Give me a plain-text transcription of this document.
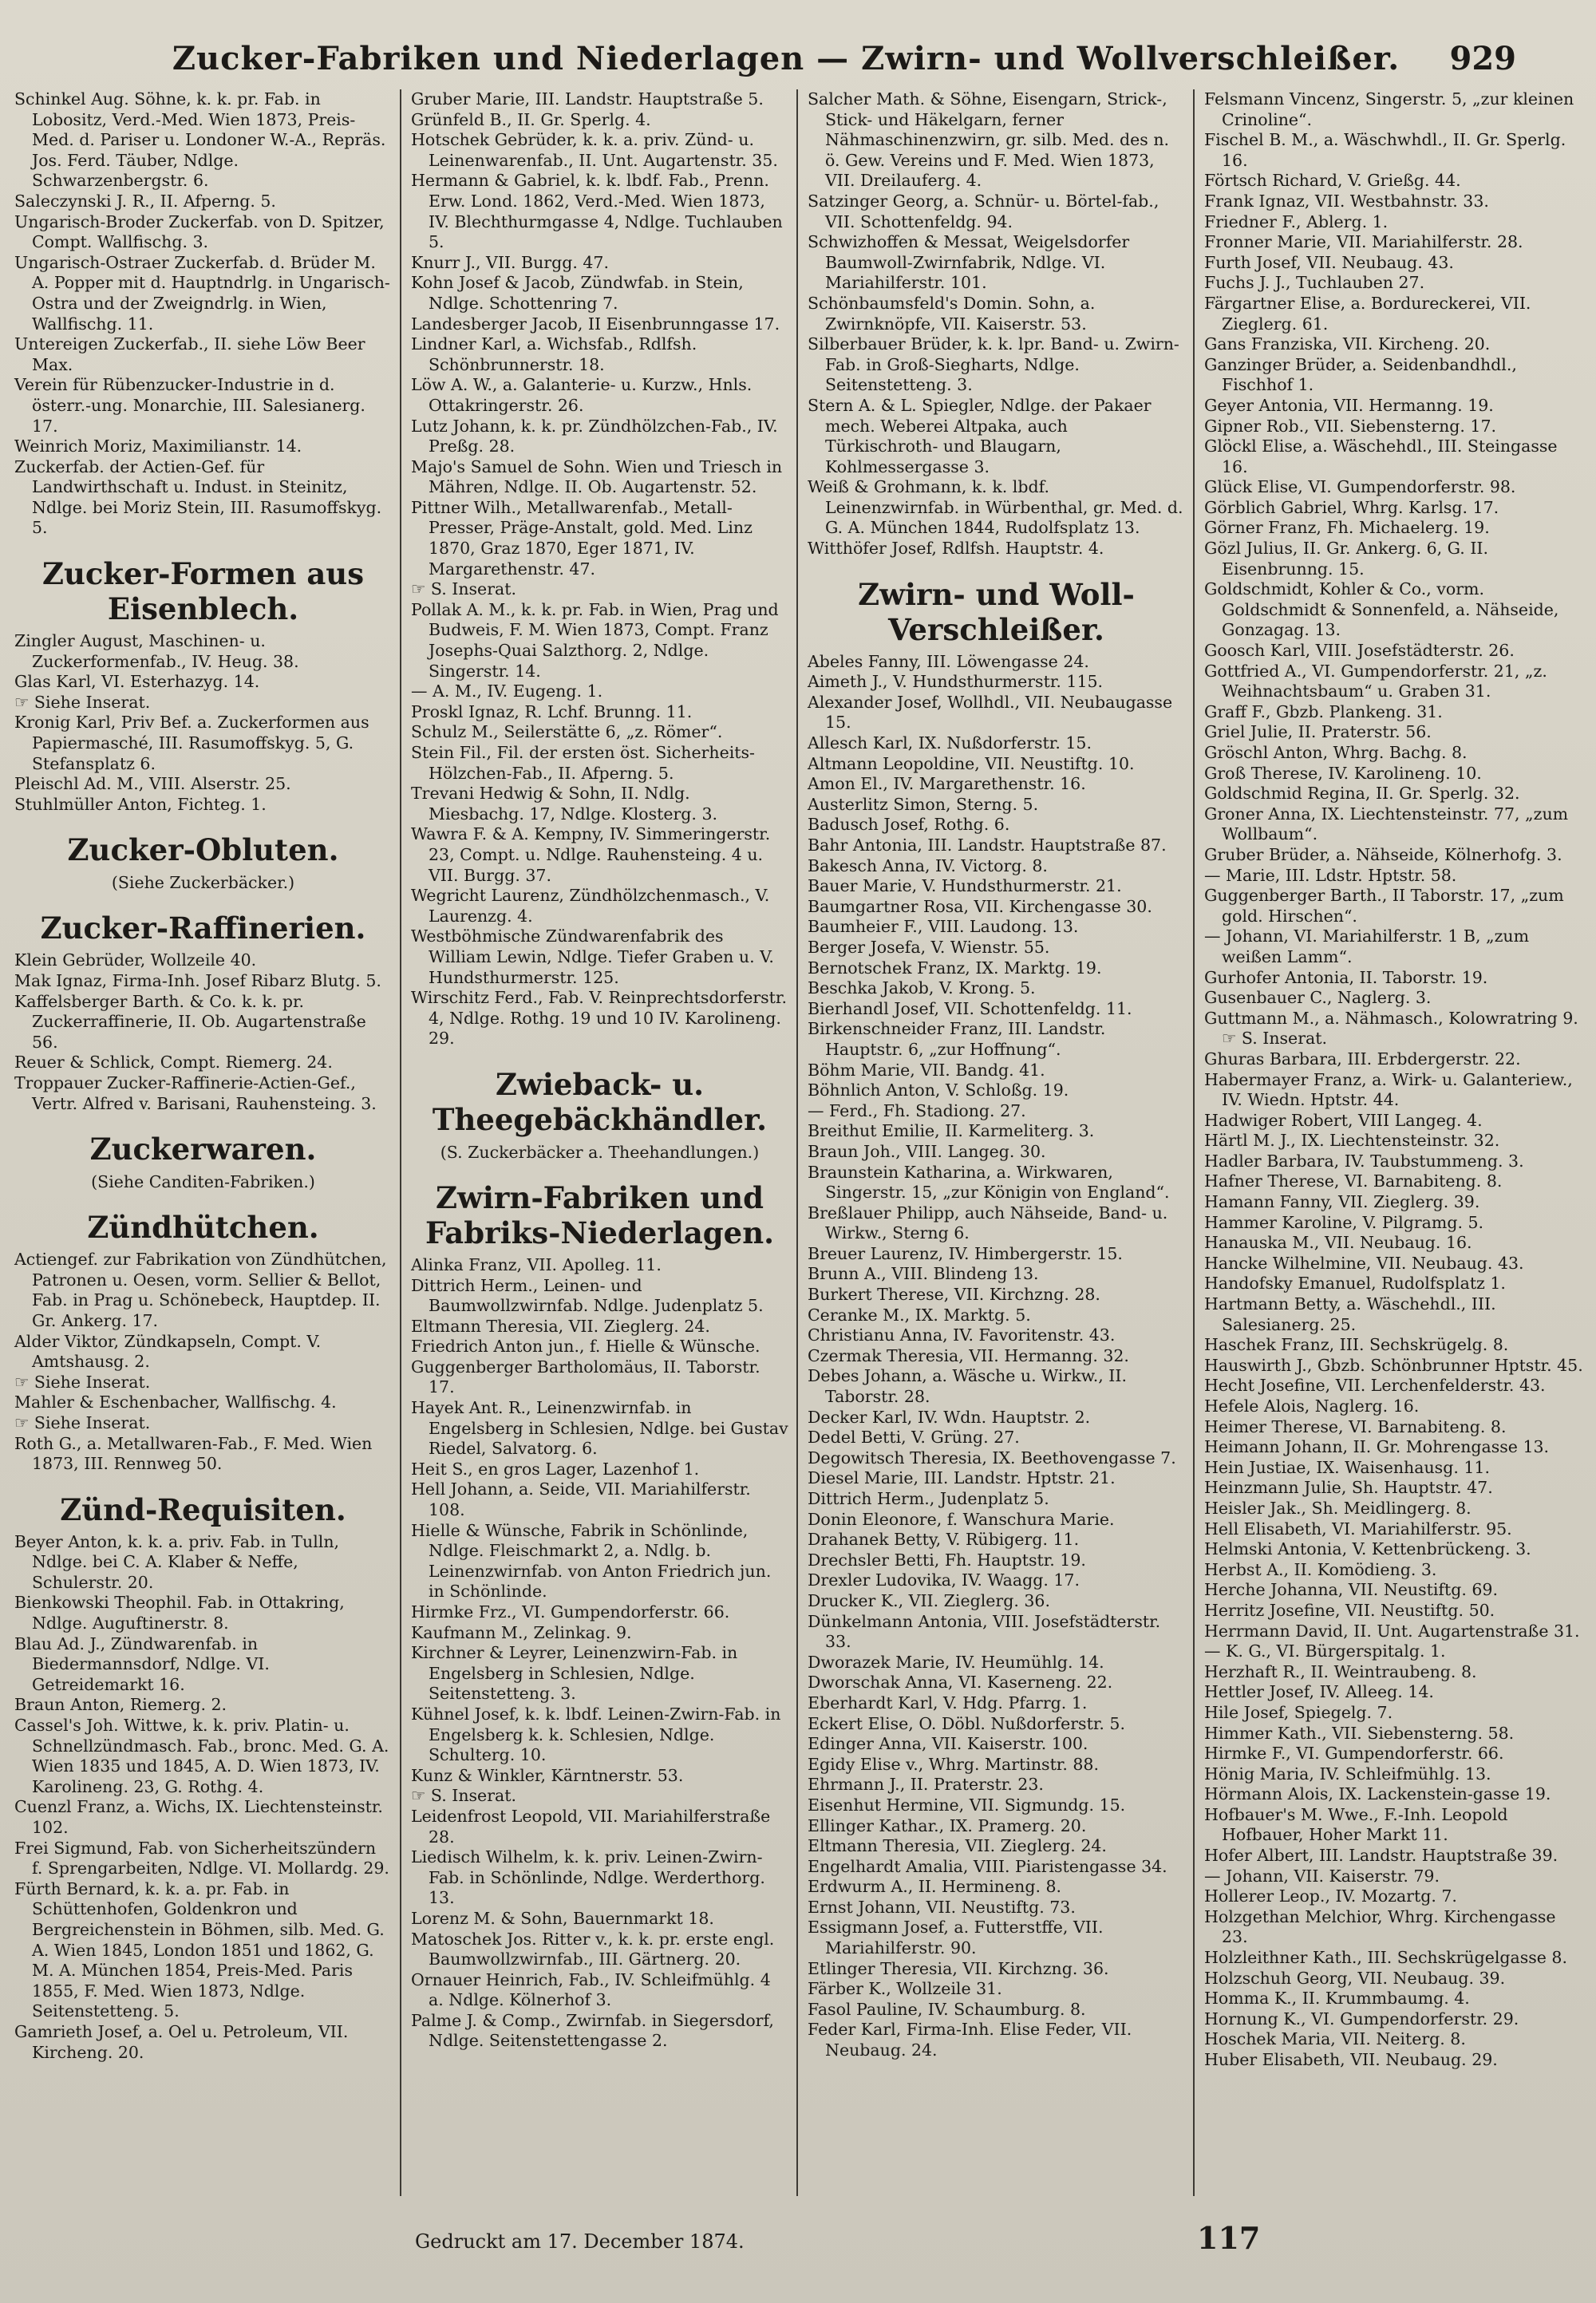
Zucker-Fabriken und Niederlagen — Zwirn- und Wollverschleißer.	929

Schinkel Aug. Söhne, k. k. pr. Fab. in Lobositz, Verd.-Med. Wien 1873, Preis-Med. d. Pariser u. Londoner W.-A., Repräs. Jos. Ferd. Täuber, Ndlge. Schwarzenbergstr. 6.

Saleczynski J. R., II. Afperng. 5.

Ungarisch-Broder Zuckerfab. von D. Spitzer, Compt. Wallfischg. 3.

Ungarisch-Ostraer Zuckerfab. d. Brüder M. A. Popper mit d. Hauptndrlg. in Ungarisch-Ostra und der Zweigndrlg. in Wien, Wallfischg. 11.

Untereigen Zuckerfab., II. siehe Löw Beer Max.

Verein für Rübenzucker-Industrie in d. österr.-ung. Monarchie, III. Salesianerg. 17.

Weinrich Moriz, Maximilianstr. 14.

Zuckerfab. der Actien-Gef. für Landwirthschaft u. Indust. in Steinitz, Ndlge. bei Moriz Stein, III. Rasumoffskyg. 5.

Zucker-Formen aus Eisenblech.

Zingler August, Maschinen- u. Zuckerformenfab., IV. Heug. 38.

Glas Karl, VI. Esterhazyg. 14.

☞ Siehe Inserat.

Kronig Karl, Priv Bef. a. Zuckerformen aus Papiermasché, III. Rasumoffskyg. 5, G. Stefansplatz 6.

Pleischl Ad. M., VIII. Alserstr. 25.

Stuhlmüller Anton, Fichteg. 1.

Zucker-Obluten.

(Siehe Zuckerbäcker.)

Zucker-Raffinerien.

Klein Gebrüder, Wollzeile 40.

Mak Ignaz, Firma-Inh. Josef Ribarz Blutg. 5.

Kaffelsberger Barth. & Co. k. k. pr. Zuckerraffinerie, II. Ob. Augartenstraße 56.

Reuer & Schlick, Compt. Riemerg. 24.

Troppauer Zucker-Raffinerie-Actien-Gef., Vertr. Alfred v. Barisani, Rauhensteing. 3.

Zuckerwaren.

(Siehe Canditen-Fabriken.)

Zündhütchen.

Actiengef. zur Fabrikation von Zündhütchen, Patronen u. Oesen, vorm. Sellier & Bellot, Fab. in Prag u. Schönebeck, Hauptdep. II. Gr. Ankerg. 17.

Alder Viktor, Zündkapseln, Compt. V. Amtshausg. 2.

☞ Siehe Inserat.

Mahler & Eschenbacher, Wallfischg. 4.

☞ Siehe Inserat.

Roth G., a. Metallwaren-Fab., F. Med. Wien 1873, III. Rennweg 50.

Zünd-Requisiten.

Beyer Anton, k. k. a. priv. Fab. in Tulln, Ndlge. bei C. A. Klaber & Neffe, Schulerstr. 20.

Bienkowski Theophil. Fab. in Ottakring, Ndlge. Auguftinerstr. 8.

Blau Ad. J., Zündwarenfab. in Biedermannsdorf, Ndlge. VI. Getreidemarkt 16.

Braun Anton, Riemerg. 2.

Cassel's Joh. Wittwe, k. k. priv. Platin- u. Schnellzündmasch. Fab., bronc. Med. G. A. Wien 1835 und 1845, A. D. Wien 1873, IV. Karolineng. 23, G. Rothg. 4.

Cuenzl Franz, a. Wichs, IX. Liechtensteinstr. 102.

Frei Sigmund, Fab. von Sicherheitszündern f. Sprengarbeiten, Ndlge. VI. Mollardg. 29.

Fürth Bernard, k. k. a. pr. Fab. in Schüttenhofen, Goldenkron und Bergreichenstein in Böhmen, silb. Med. G. A. Wien 1845, London 1851 und 1862, G. M. A. München 1854, Preis-Med. Paris 1855, F. Med. Wien 1873, Ndlge. Seitenstetteng. 5.

Gamrieth Josef, a. Oel u. Petroleum, VII. Kircheng. 20.

Gruber Marie, III. Landstr. Hauptstraße 5.

Grünfeld B., II. Gr. Sperlg. 4.

Hotschek Gebrüder, k. k. a. priv. Zünd- u. Leinenwarenfab., II. Unt. Augartenstr. 35.

Hermann & Gabriel, k. k. lbdf. Fab., Prenn. Erw. Lond. 1862, Verd.-Med. Wien 1873, IV. Blechthurmgasse 4, Ndlge. Tuchlauben 5.

Knurr J., VII. Burgg. 47.

Kohn Josef & Jacob, Zündwfab. in Stein, Ndlge. Schottenring 7.

Landesberger Jacob, II Eisenbrunngasse 17.

Lindner Karl, a. Wichsfab., Rdlfsh. Schönbrunnerstr. 18.

Löw A. W., a. Galanterie- u. Kurzw., Hnls. Ottakringerstr. 26.

Lutz Johann, k. k. pr. Zündhölzchen-Fab., IV. Preßg. 28.

Majo's Samuel de Sohn. Wien und Triesch in Mähren, Ndlge. II. Ob. Augartenstr. 52.

Pittner Wilh., Metallwarenfab., Metall-Presser, Präge-Anstalt, gold. Med. Linz 1870, Graz 1870, Eger 1871, IV. Margarethenstr. 47.

☞ S. Inserat.

Pollak A. M., k. k. pr. Fab. in Wien, Prag und Budweis, F. M. Wien 1873, Compt. Franz Josephs-Quai Salzthorg. 2, Ndlge. Singerstr. 14.

— A. M., IV. Eugeng. 1.

Proskl Ignaz, R. Lchf. Brunng. 11.

Schulz M., Seilerstätte 6, „z. Römer“.

Stein Fil., Fil. der ersten öst. Sicherheits-Hölzchen-Fab., II. Afperng. 5.

Trevani Hedwig & Sohn, II. Ndlg. Miesbachg. 17, Ndlge. Klosterg. 3.

Wawra F. & A. Kempny, IV. Simmeringerstr. 23, Compt. u. Ndlge. Rauhensteing. 4 u. VII. Burgg. 37.

Wegricht Laurenz, Zündhölzchenmasch., V. Laurenzg. 4.

Westböhmische Zündwarenfabrik des William Lewin, Ndlge. Tiefer Graben u. V. Hundsthurmerstr. 125.

Wirschitz Ferd., Fab. V. Reinprechtsdorferstr. 4, Ndlge. Rothg. 19 und 10 IV. Karolineng. 29.

Zwieback- u. Theegebäckhändler.

(S. Zuckerbäcker a. Theehandlungen.)

Zwirn-Fabriken und Fabriks-Niederlagen.

Alinka Franz, VII. Apolleg. 11.

Dittrich Herm., Leinen- und Baumwollzwirnfab. Ndlge. Judenplatz 5.

Eltmann Theresia, VII. Zieglerg. 24.

Friedrich Anton jun., f. Hielle & Wünsche.

Guggenberger Bartholomäus, II. Taborstr. 17.

Hayek Ant. R., Leinenzwirnfab. in Engelsberg in Schlesien, Ndlge. bei Gustav Riedel, Salvatorg. 6.

Heit S., en gros Lager, Lazenhof 1.

Hell Johann, a. Seide, VII. Mariahilferstr. 108.

Hielle & Wünsche, Fabrik in Schönlinde, Ndlge. Fleischmarkt 2, a. Ndlg. b. Leinenzwirnfab. von Anton Friedrich jun. in Schönlinde.

Hirmke Frz., VI. Gumpendorferstr. 66.

Kaufmann M., Zelinkag. 9.

Kirchner & Leyrer, Leinenzwirn-Fab. in Engelsberg in Schlesien, Ndlge. Seitenstetteng. 3.

Kühnel Josef, k. k. lbdf. Leinen-Zwirn-Fab. in Engelsberg k. k. Schlesien, Ndlge. Schulterg. 10.

Kunz & Winkler, Kärntnerstr. 53.

☞ S. Inserat.

Leidenfrost Leopold, VII. Mariahilferstraße 28.

Liedisch Wilhelm, k. k. priv. Leinen-Zwirn-Fab. in Schönlinde, Ndlge. Werderthorg. 13.

Lorenz M. & Sohn, Bauernmarkt 18.

Matoschek Jos. Ritter v., k. k. pr. erste engl. Baumwollzwirnfab., III. Gärtnerg. 20.

Ornauer Heinrich, Fab., IV. Schleifmühlg. 4 a. Ndlge. Kölnerhof 3.

Palme J. & Comp., Zwirnfab. in Siegersdorf, Ndlge. Seitenstettengasse 2.

Salcher Math. & Söhne, Eisengarn, Strick-, Stick- und Häkelgarn, ferner Nähmaschinenzwirn, gr. silb. Med. des n. ö. Gew. Vereins und F. Med. Wien 1873, VII. Dreilauferg. 4.

Satzinger Georg, a. Schnür- u. Börtel-fab., VII. Schottenfeldg. 94.

Schwizhoffen & Messat, Weigelsdorfer Baumwoll-Zwirnfabrik, Ndlge. VI. Mariahilferstr. 101.

Schönbaumsfeld's Domin. Sohn, a. Zwirnknöpfe, VII. Kaiserstr. 53.

Silberbauer Brüder, k. k. lpr. Band- u. Zwirn-Fab. in Groß-Siegharts, Ndlge. Seitenstetteng. 3.

Stern A. & L. Spiegler, Ndlge. der Pakaer mech. Weberei Altpaka, auch Türkischroth- und Blaugarn, Kohlmessergasse 3.

Weiß & Grohmann, k. k. lbdf. Leinenzwirnfab. in Würbenthal, gr. Med. d. G. A. München 1844, Rudolfsplatz 13.

Witthöfer Josef, Rdlfsh. Hauptstr. 4.

Zwirn- und Woll-Verschleißer.

Abeles Fanny, III. Löwengasse 24.

Aimeth J., V. Hundsthurmerstr. 115.

Alexander Josef, Wollhdl., VII. Neubaugasse 15.

Allesch Karl, IX. Nußdorferstr. 15.

Altmann Leopoldine, VII. Neustiftg. 10.

Amon El., IV. Margarethenstr. 16.

Austerlitz Simon, Sterng. 5.

Badusch Josef, Rothg. 6.

Bahr Antonia, III. Landstr. Hauptstraße 87.

Bakesch Anna, IV. Victorg. 8.

Bauer Marie, V. Hundsthurmerstr. 21.

Baumgartner Rosa, VII. Kirchengasse 30.

Baumheier F., VIII. Laudong. 13.

Berger Josefa, V. Wienstr. 55.

Bernotschek Franz, IX. Marktg. 19.

Beschka Jakob, V. Krong. 5.

Bierhandl Josef, VII. Schottenfeldg. 11.

Birkenschneider Franz, III. Landstr. Hauptstr. 6, „zur Hoffnung“.

Böhm Marie, VII. Bandg. 41.

Böhnlich Anton, V. Schloßg. 19.

— Ferd., Fh. Stadiong. 27.

Breithut Emilie, II. Karmeliterg. 3.

Braun Joh., VIII. Langeg. 30.

Braunstein Katharina, a. Wirkwaren, Singerstr. 15, „zur Königin von England“.

Breßlauer Philipp, auch Nähseide, Band- u. Wirkw., Sterng 6.

Breuer Laurenz, IV. Himbergerstr. 15.

Brunn A., VIII. Blindeng 13.

Burkert Therese, VII. Kirchzng. 28.

Ceranke M., IX. Marktg. 5.

Christianu Anna, IV. Favoritenstr. 43.

Czermak Theresia, VII. Hermanng. 32.

Debes Johann, a. Wäsche u. Wirkw., II. Taborstr. 28.

Decker Karl, IV. Wdn. Hauptstr. 2.

Dedel Betti, V. Grüng. 27.

Degowitsch Theresia, IX. Beethovengasse 7.

Diesel Marie, III. Landstr. Hptstr. 21.

Dittrich Herm., Judenplatz 5.

Donin Eleonore, f. Wanschura Marie.

Drahanek Betty, V. Rübigerg. 11.

Drechsler Betti, Fh. Hauptstr. 19.

Drexler Ludovika, IV. Waagg. 17.

Drucker K., VII. Zieglerg. 36.

Dünkelmann Antonia, VIII. Josefstädterstr. 33.

Dworazek Marie, IV. Heumühlg. 14.

Dworschak Anna, VI. Kaserneng. 22.

Eberhardt Karl, V. Hdg. Pfarrg. 1.

Eckert Elise, O. Döbl. Nußdorferstr. 5.

Edinger Anna, VII. Kaiserstr. 100.

Egidy Elise v., Whrg. Martinstr. 88.

Ehrmann J., II. Praterstr. 23.

Eisenhut Hermine, VII. Sigmundg. 15.

Ellinger Kathar., IX. Pramerg. 20.

Eltmann Theresia, VII. Zieglerg. 24.

Engelhardt Amalia, VIII. Piaristengasse 34.

Erdwurm A., II. Hermineng. 8.

Ernst Johann, VII. Neustiftg. 73.

Essigmann Josef, a. Futterstffe, VII. Mariahilferstr. 90.

Etlinger Theresia, VII. Kirchzng. 36.

Färber K., Wollzeile 31.

Fasol Pauline, IV. Schaumburg. 8.

Feder Karl, Firma-Inh. Elise Feder, VII. Neubaug. 24.

Felsmann Vincenz, Singerstr. 5, „zur kleinen Crinoline“.

Fischel B. M., a. Wäschwhdl., II. Gr. Sperlg. 16.

Förtsch Richard, V. Grießg. 44.

Frank Ignaz, VII. Westbahnstr. 33.

Friedner F., Ablerg. 1.

Fronner Marie, VII. Mariahilferstr. 28.

Furth Josef, VII. Neubaug. 43.

Fuchs J. J., Tuchlauben 27.

Färgartner Elise, a. Bordureckerei, VII. Zieglerg. 61.

Gans Franziska, VII. Kircheng. 20.

Ganzinger Brüder, a. Seidenbandhdl., Fischhof 1.

Geyer Antonia, VII. Hermanng. 19.

Gipner Rob., VII. Siebensterng. 17.

Glöckl Elise, a. Wäschehdl., III. Steingasse 16.

Glück Elise, VI. Gumpendorferstr. 98.

Görblich Gabriel, Whrg. Karlsg. 17.

Görner Franz, Fh. Michaelerg. 19.

Gözl Julius, II. Gr. Ankerg. 6, G. II. Eisenbrunng. 15.

Goldschmidt, Kohler & Co., vorm. Goldschmidt & Sonnenfeld, a. Nähseide, Gonzagag. 13.

Goosch Karl, VIII. Josefstädterstr. 26.

Gottfried A., VI. Gumpendorferstr. 21, „z. Weihnachtsbaum“ u. Graben 31.

Graff F., Gbzb. Plankeng. 31.

Griel Julie, II. Praterstr. 56.

Gröschl Anton, Whrg. Bachg. 8.

Groß Therese, IV. Karolineng. 10.

Goldschmid Regina, II. Gr. Sperlg. 32.

Groner Anna, IX. Liechtensteinstr. 77, „zum Wollbaum“.

Gruber Brüder, a. Nähseide, Kölnerhofg. 3.

— Marie, III. Ldstr. Hptstr. 58.

Guggenberger Barth., II Taborstr. 17, „zum gold. Hirschen“.

— Johann, VI. Mariahilferstr. 1 B, „zum weißen Lamm“.

Gurhofer Antonia, II. Taborstr. 19.

Gusenbauer C., Naglerg. 3.

Guttmann M., a. Nähmasch., Kolowratring 9. ☞ S. Inserat.

Ghuras Barbara, III. Erbdergerstr. 22.

Habermayer Franz, a. Wirk- u. Galanteriew., IV. Wiedn. Hptstr. 44.

Hadwiger Robert, VIII Langeg. 4.

Härtl M. J., IX. Liechtensteinstr. 32.

Hadler Barbara, IV. Taubstummeng. 3.

Hafner Therese, VI. Barnabiteng. 8.

Hamann Fanny, VII. Zieglerg. 39.

Hammer Karoline, V. Pilgramg. 5.

Hanauska M., VII. Neubaug. 16.

Hancke Wilhelmine, VII. Neubaug. 43.

Handofsky Emanuel, Rudolfsplatz 1.

Hartmann Betty, a. Wäschehdl., III. Salesianerg. 25.

Haschek Franz, III. Sechskrügelg. 8.

Hauswirth J., Gbzb. Schönbrunner Hptstr. 45.

Hecht Josefine, VII. Lerchenfelderstr. 43.

Hefele Alois, Naglerg. 16.

Heimer Therese, VI. Barnabiteng. 8.

Heimann Johann, II. Gr. Mohrengasse 13.

Hein Justiae, IX. Waisenhausg. 11.

Heinzmann Julie, Sh. Hauptstr. 47.

Heisler Jak., Sh. Meidlingerg. 8.

Hell Elisabeth, VI. Mariahilferstr. 95.

Helmski Antonia, V. Kettenbrückeng. 3.

Herbst A., II. Komödieng. 3.

Herche Johanna, VII. Neustiftg. 69.

Herritz Josefine, VII. Neustiftg. 50.

Herrmann David, II. Unt. Augartenstraße 31.

— K. G., VI. Bürgerspitalg. 1.

Herzhaft R., II. Weintraubeng. 8.

Hettler Josef, IV. Alleeg. 14.

Hile Josef, Spiegelg. 7.

Himmer Kath., VII. Siebensterng. 58.

Hirmke F., VI. Gumpendorferstr. 66.

Hönig Maria, IV. Schleifmühlg. 13.

Hörmann Alois, IX. Lackenstein-gasse 19.

Hofbauer's M. Wwe., F.-Inh. Leopold Hofbauer, Hoher Markt 11.

Hofer Albert, III. Landstr. Hauptstraße 39.

— Johann, VII. Kaiserstr. 79.

Hollerer Leop., IV. Mozartg. 7.

Holzgethan Melchior, Whrg. Kirchengasse 23.

Holzleithner Kath., III. Sechskrügelgasse 8.

Holzschuh Georg, VII. Neubaug. 39.

Homma K., II. Krummbaumg. 4.

Hornung K., VI. Gumpendorferstr. 29.

Hoschek Maria, VII. Neiterg. 8.

Huber Elisabeth, VII. Neubaug. 29.

Gedruckt am 17. December 1874.	117
